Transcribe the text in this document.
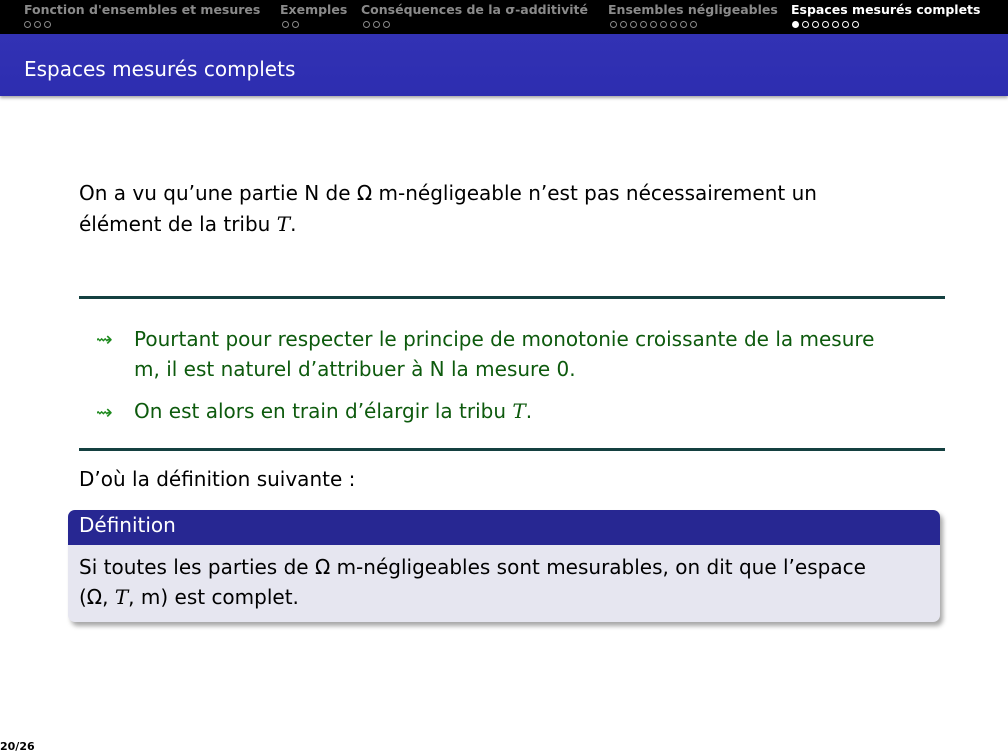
Fonction d'ensembles et mesures Exemples Conséquences de la σ-additivité Ensembles négligeables Espaces mesurés complets
Espaces mesurés complets
On a vu qu’une partie N de Ω m-négligeable n’est pas nécessairement un
élément de la tribu T.
⇝ Pourtant pour respecter le principe de monotonie croissante de la mesure
m, il est naturel d’attribuer à N la mesure 0.
⇝ On est alors en train d’élargir la tribu T.
D’où la définition suivante :
Définition
Si toutes les parties de Ω m-négligeables sont mesurables, on dit que l’espace
(Ω, T, m) est complet.
20/26
